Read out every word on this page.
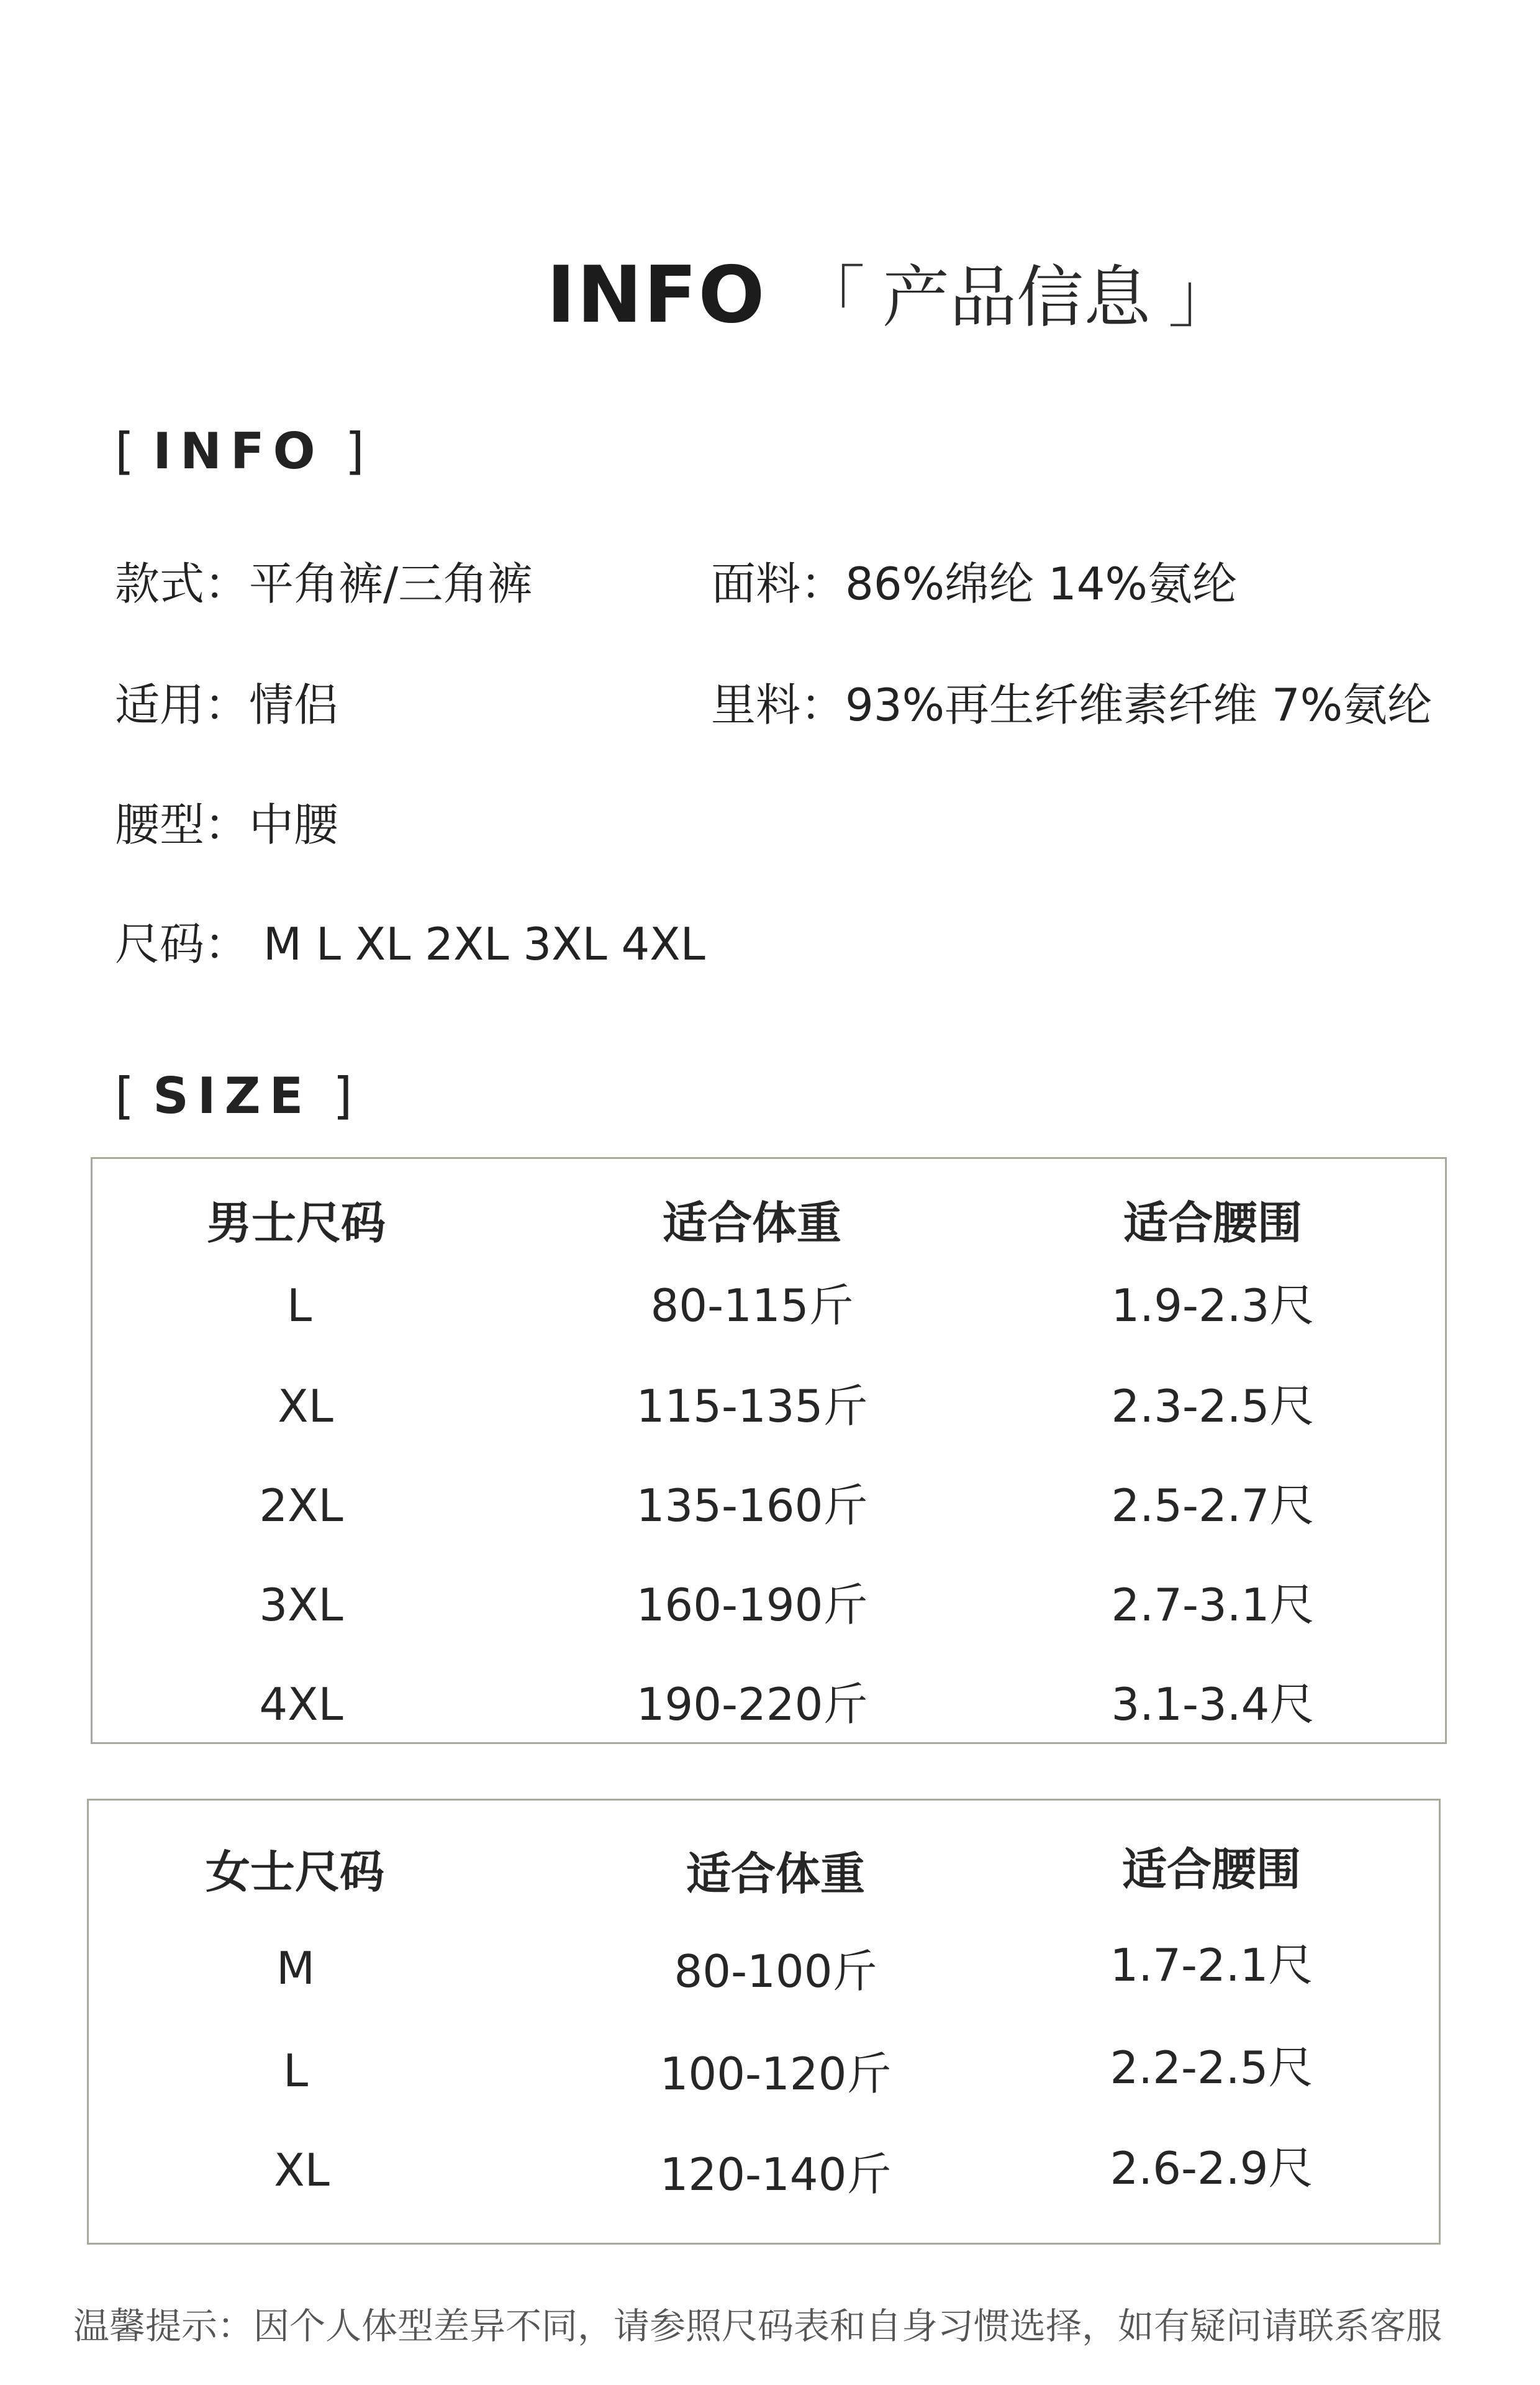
INFO 「 产品信息 」
[ INFO ]
款式：平角裤/三角裤	面料：86%绵纶 14%氨纶
适用：情侣	里料：93%再生纤维素纤维 7%氨纶
腰型：中腰
尺码： M L XL 2XL 3XL 4XL
[ SIZE ]
男士尺码	适合体重	适合腰围
L	80-115斤	1.9-2.3尺
XL	115-135斤	2.3-2.5尺
2XL	135-160斤	2.5-2.7尺
3XL	160-190斤	2.7-3.1尺
4XL	190-220斤	3.1-3.4尺
女士尺码	适合体重	适合腰围
M	80-100斤	1.7-2.1尺
L	100-120斤	2.2-2.5尺
XL	120-140斤	2.6-2.9尺
温馨提示：因个人体型差异不同，请参照尺码表和自身习惯选择，如有疑问请联系客服
